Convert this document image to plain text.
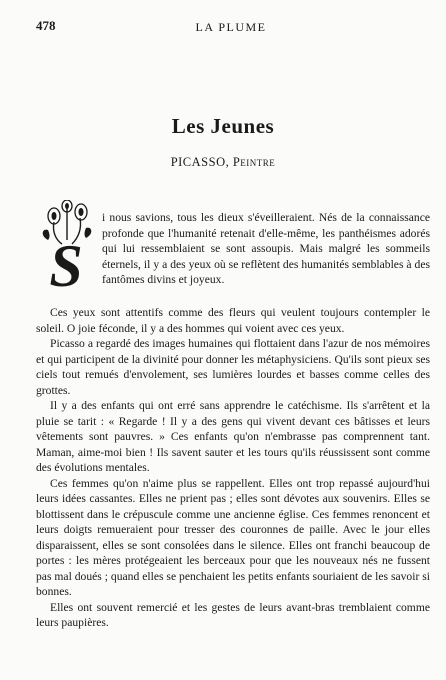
478	LA PLUME
Les Jeunes
PICASSO, Peintre
S

i nous savions, tous les dieux s'éveilleraient. Nés de la connaissance profonde que l'humanité retenait d'elle-même, les panthéismes adorés qui lui ressemblaient se sont assoupis. Mais malgré les sommeils éternels, il y a des yeux où se reflètent des humanités semblables à des fantômes divins et joyeux.

Ces yeux sont attentifs comme des fleurs qui veulent toujours contempler le soleil. O joie féconde, il y a des hommes qui voient avec ces yeux.

Picasso a regardé des images humaines qui flottaient dans l'azur de nos mémoires et qui participent de la divinité pour donner les métaphysiciens. Qu'ils sont pieux ses ciels tout remués d'envolement, ses lumières lourdes et basses comme celles des grottes.

Il y a des enfants qui ont erré sans apprendre le catéchisme. Ils s'arrêtent et la pluie se tarit : « Regarde ! Il y a des gens qui vivent devant ces bâtisses et leurs vêtements sont pauvres. » Ces enfants qu'on n'embrasse pas comprennent tant. Maman, aime-moi bien ! Ils savent sauter et les tours qu'ils réussissent sont comme des évolutions mentales.

Ces femmes qu'on n'aime plus se rappellent. Elles ont trop repassé aujourd'hui leurs idées cassantes. Elles ne prient pas ; elles sont dévotes aux souvenirs. Elles se blottissent dans le crépuscule comme une ancienne église. Ces femmes renoncent et leurs doigts remueraient pour tresser des couronnes de paille. Avec le jour elles disparaissent, elles se sont consolées dans le silence. Elles ont franchi beaucoup de portes : les mères protégeaient les berceaux pour que les nouveaux nés ne fussent pas mal doués ; quand elles se penchaient les petits enfants souriaient de les savoir si bonnes.

Elles ont souvent remercié et les gestes de leurs avant-bras tremblaient comme leurs paupières.
